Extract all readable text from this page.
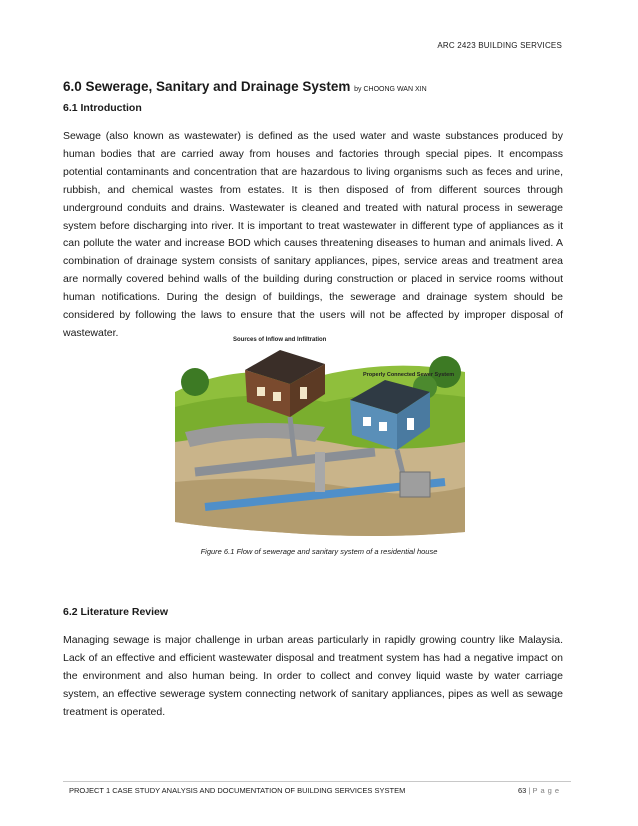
ARC 2423 BUILDING SERVICES
6.0 Sewerage, Sanitary and Drainage System by CHOONG WAN XIN
6.1 Introduction
Sewage (also known as wastewater) is defined as the used water and waste substances produced by human bodies that are carried away from houses and factories through special pipes. It encompass potential contaminants and concentration that are hazardous to living organisms such as feces and urine, rubbish, and chemical wastes from estates. It is then disposed of from different sources through underground conduits and drains. Wastewater is cleaned and treated with natural process in sewerage system before discharging into river. It is important to treat wastewater in different type of appliances as it can pollute the water and increase BOD which causes threatening diseases to human and animals lived. A combination of drainage system consists of sanitary appliances, pipes, service areas and treatment area are normally covered behind walls of the building during construction or placed in service rooms without human notifications. During the design of buildings, the sewerage and drainage system should be considered by following the laws to ensure that the users will not be affected by improper disposal of wastewater.
Sources of Inflow and Infiltration
Properly Connected Sewer System
Figure 6.1 Flow of sewerage and sanitary system of a residential house
6.2 Literature Review
Managing sewage is major challenge in urban areas particularly in rapidly growing country like Malaysia. Lack of an effective and efficient wastewater disposal and treatment system has had a negative impact on the environment and also human being. In order to collect and convey liquid waste by water carriage system, an effective sewerage system connecting network of sanitary appliances, pipes as well as sewage treatment is operated.
PROJECT 1 CASE STUDY ANALYSIS AND DOCUMENTATION OF BUILDING SERVICES SYSTEM	63 | Page
